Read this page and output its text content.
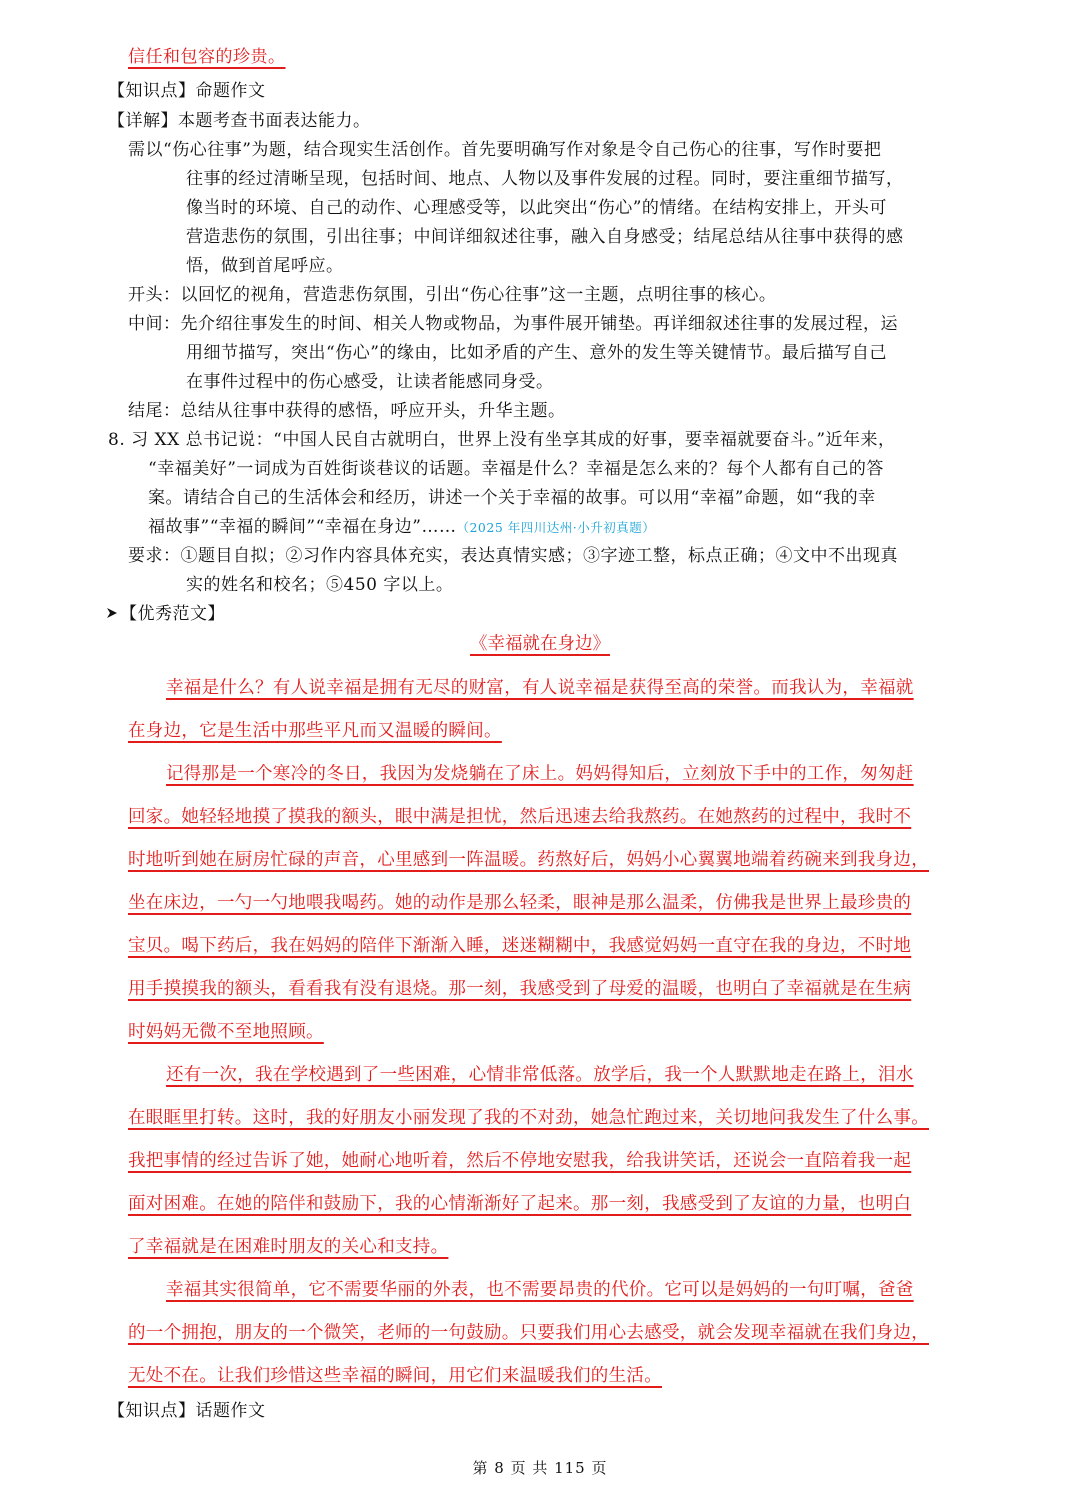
信任和包容的珍贵。
【知识点】命题作文
【详解】本题考查书面表达能力。
需以“伤心往事”为题，结合现实生活创作。首先要明确写作对象是令自己伤心的往事，写作时要把
往事的经过清晰呈现，包括时间、地点、人物以及事件发展的过程。同时，要注重细节描写，
像当时的环境、自己的动作、心理感受等，以此突出“伤心”的情绪。在结构安排上，开头可
营造悲伤的氛围，引出往事；中间详细叙述往事，融入自身感受；结尾总结从往事中获得的感
悟，做到首尾呼应。
开头：以回忆的视角，营造悲伤氛围，引出“伤心往事”这一主题，点明往事的核心。
中间：先介绍往事发生的时间、相关人物或物品，为事件展开铺垫。再详细叙述往事的发展过程，运
用细节描写，突出“伤心”的缘由，比如矛盾的产生、意外的发生等关键情节。最后描写自己
在事件过程中的伤心感受，让读者能感同身受。
结尾：总结从往事中获得的感悟，呼应开头，升华主题。
8. 习 XX 总书记说：“中国人民自古就明白，世界上没有坐享其成的好事，要幸福就要奋斗。”近年来，
“幸福美好”一词成为百姓街谈巷议的话题。幸福是什么？幸福是怎么来的？每个人都有自己的答
案。请结合自己的生活体会和经历，讲述一个关于幸福的故事。可以用“幸福”命题，如“我的幸
福故事”“幸福的瞬间”“幸福在身边”……（2025 年四川达州·小升初真题）
要求：①题目自拟；②习作内容具体充实，表达真情实感；③字迹工整，标点正确；④文中不出现真
实的姓名和校名；⑤450 字以上。
【优秀范文】
《幸福就在身边》
幸福是什么？有人说幸福是拥有无尽的财富，有人说幸福是获得至高的荣誉。而我认为，幸福就
在身边，它是生活中那些平凡而又温暖的瞬间。
记得那是一个寒冷的冬日，我因为发烧躺在了床上。妈妈得知后，立刻放下手中的工作，匆匆赶
回家。她轻轻地摸了摸我的额头，眼中满是担忧，然后迅速去给我熬药。在她熬药的过程中，我时不
时地听到她在厨房忙碌的声音，心里感到一阵温暖。药熬好后，妈妈小心翼翼地端着药碗来到我身边，
坐在床边，一勺一勺地喂我喝药。她的动作是那么轻柔，眼神是那么温柔，仿佛我是世界上最珍贵的
宝贝。喝下药后，我在妈妈的陪伴下渐渐入睡，迷迷糊糊中，我感觉妈妈一直守在我的身边，不时地
用手摸摸我的额头，看看我有没有退烧。那一刻，我感受到了母爱的温暖，也明白了幸福就是在生病
时妈妈无微不至地照顾。
还有一次，我在学校遇到了一些困难，心情非常低落。放学后，我一个人默默地走在路上，泪水
在眼眶里打转。这时，我的好朋友小丽发现了我的不对劲，她急忙跑过来，关切地问我发生了什么事。
我把事情的经过告诉了她，她耐心地听着，然后不停地安慰我，给我讲笑话，还说会一直陪着我一起
面对困难。在她的陪伴和鼓励下，我的心情渐渐好了起来。那一刻，我感受到了友谊的力量，也明白
了幸福就是在困难时朋友的关心和支持。
幸福其实很简单，它不需要华丽的外表，也不需要昂贵的代价。它可以是妈妈的一句叮嘱，爸爸
的一个拥抱，朋友的一个微笑，老师的一句鼓励。只要我们用心去感受，就会发现幸福就在我们身边，
无处不在。让我们珍惜这些幸福的瞬间，用它们来温暖我们的生活。
【知识点】话题作文
第 8 页 共 115 页
